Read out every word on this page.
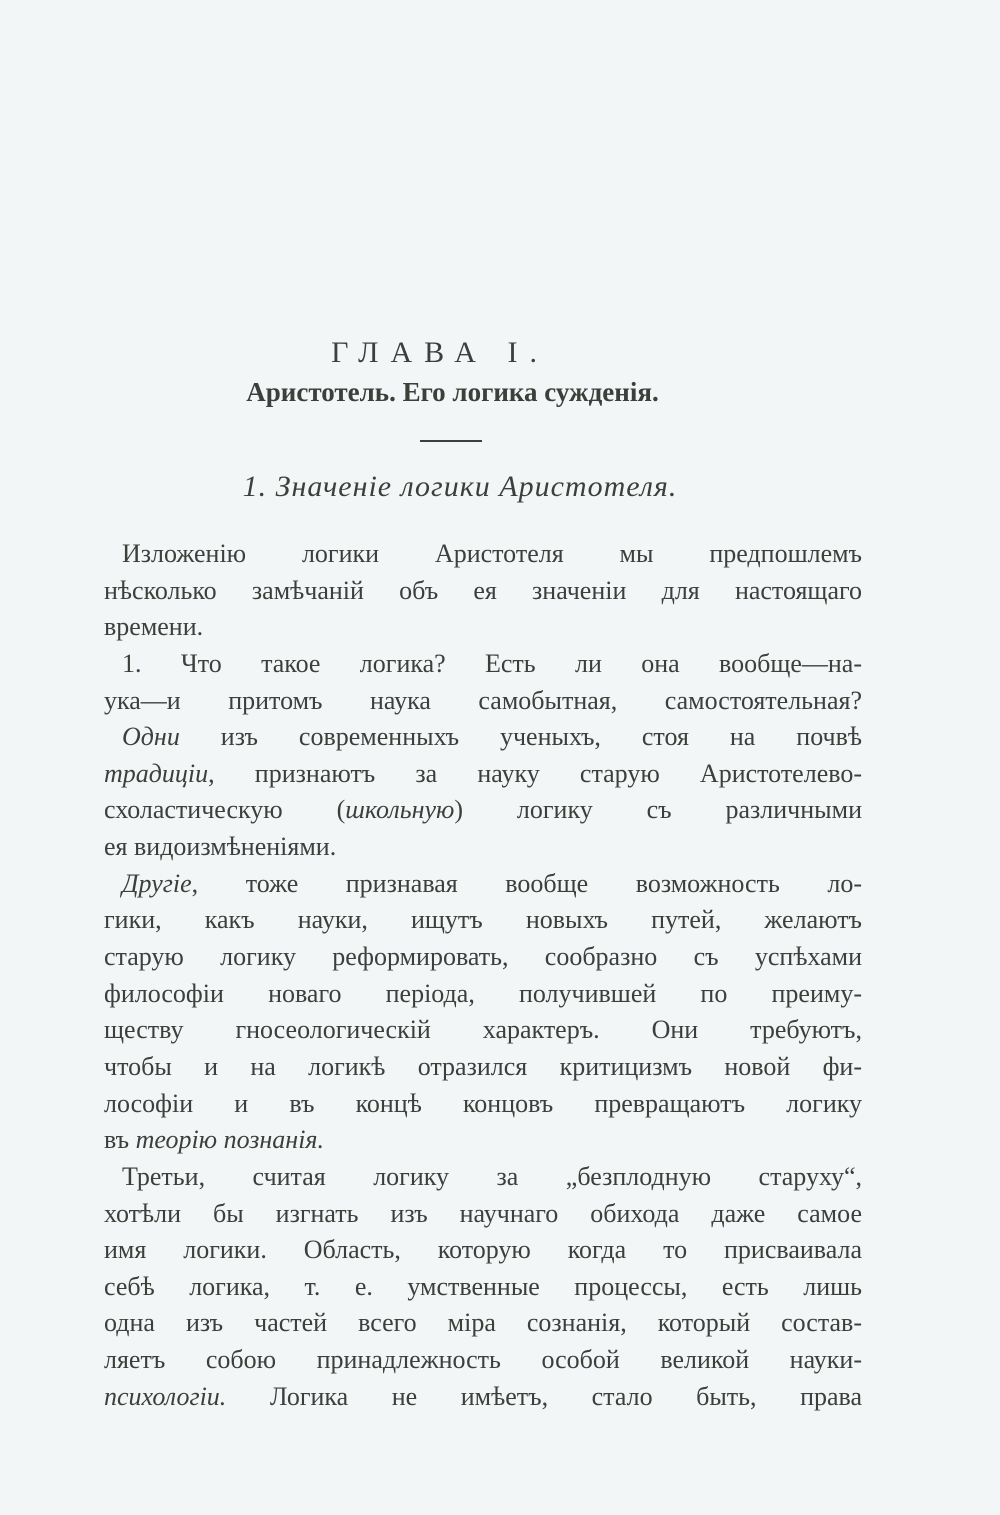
ГЛАВА I.
Аристотель. Его логика сужденія.
1. Значеніе логики Аристотеля.
Изложенію логики Аристотеля мы предпошлемъ
нѣсколько замѣчаній объ ея значеніи для настоящаго
времени.
1. Что такое логика? Есть ли она вообще—на-
ука—и притомъ наука самобытная, самостоятельная?
Одни изъ современныхъ ученыхъ, стоя на почвѣ
традиціи, признаютъ за науку старую Аристотелево-
схоластическую (школьную) логику съ различными
ея видоизмѣненіями.
Другіе, тоже признавая вообще возможность ло-
гики, какъ науки, ищутъ новыхъ путей, желаютъ
старую логику реформировать, сообразно съ успѣхами
философіи новаго періода, получившей по преиму-
ществу гносеологическій характеръ. Они требуютъ,
чтобы и на логикѣ отразился критицизмъ новой фи-
лософіи и въ концѣ концовъ превращаютъ логику
въ теорію познанія.
Третьи, считая логику за „безплодную старуху“,
хотѣли бы изгнать изъ научнаго обихода даже самое
имя логики. Область, которую когда то присваивала
себѣ логика, т. е. умственные процессы, есть лишь
одна изъ частей всего міра сознанія, который состав-
ляетъ собою принадлежность особой великой науки-
психологіи. Логика не имѣетъ, стало быть, права
